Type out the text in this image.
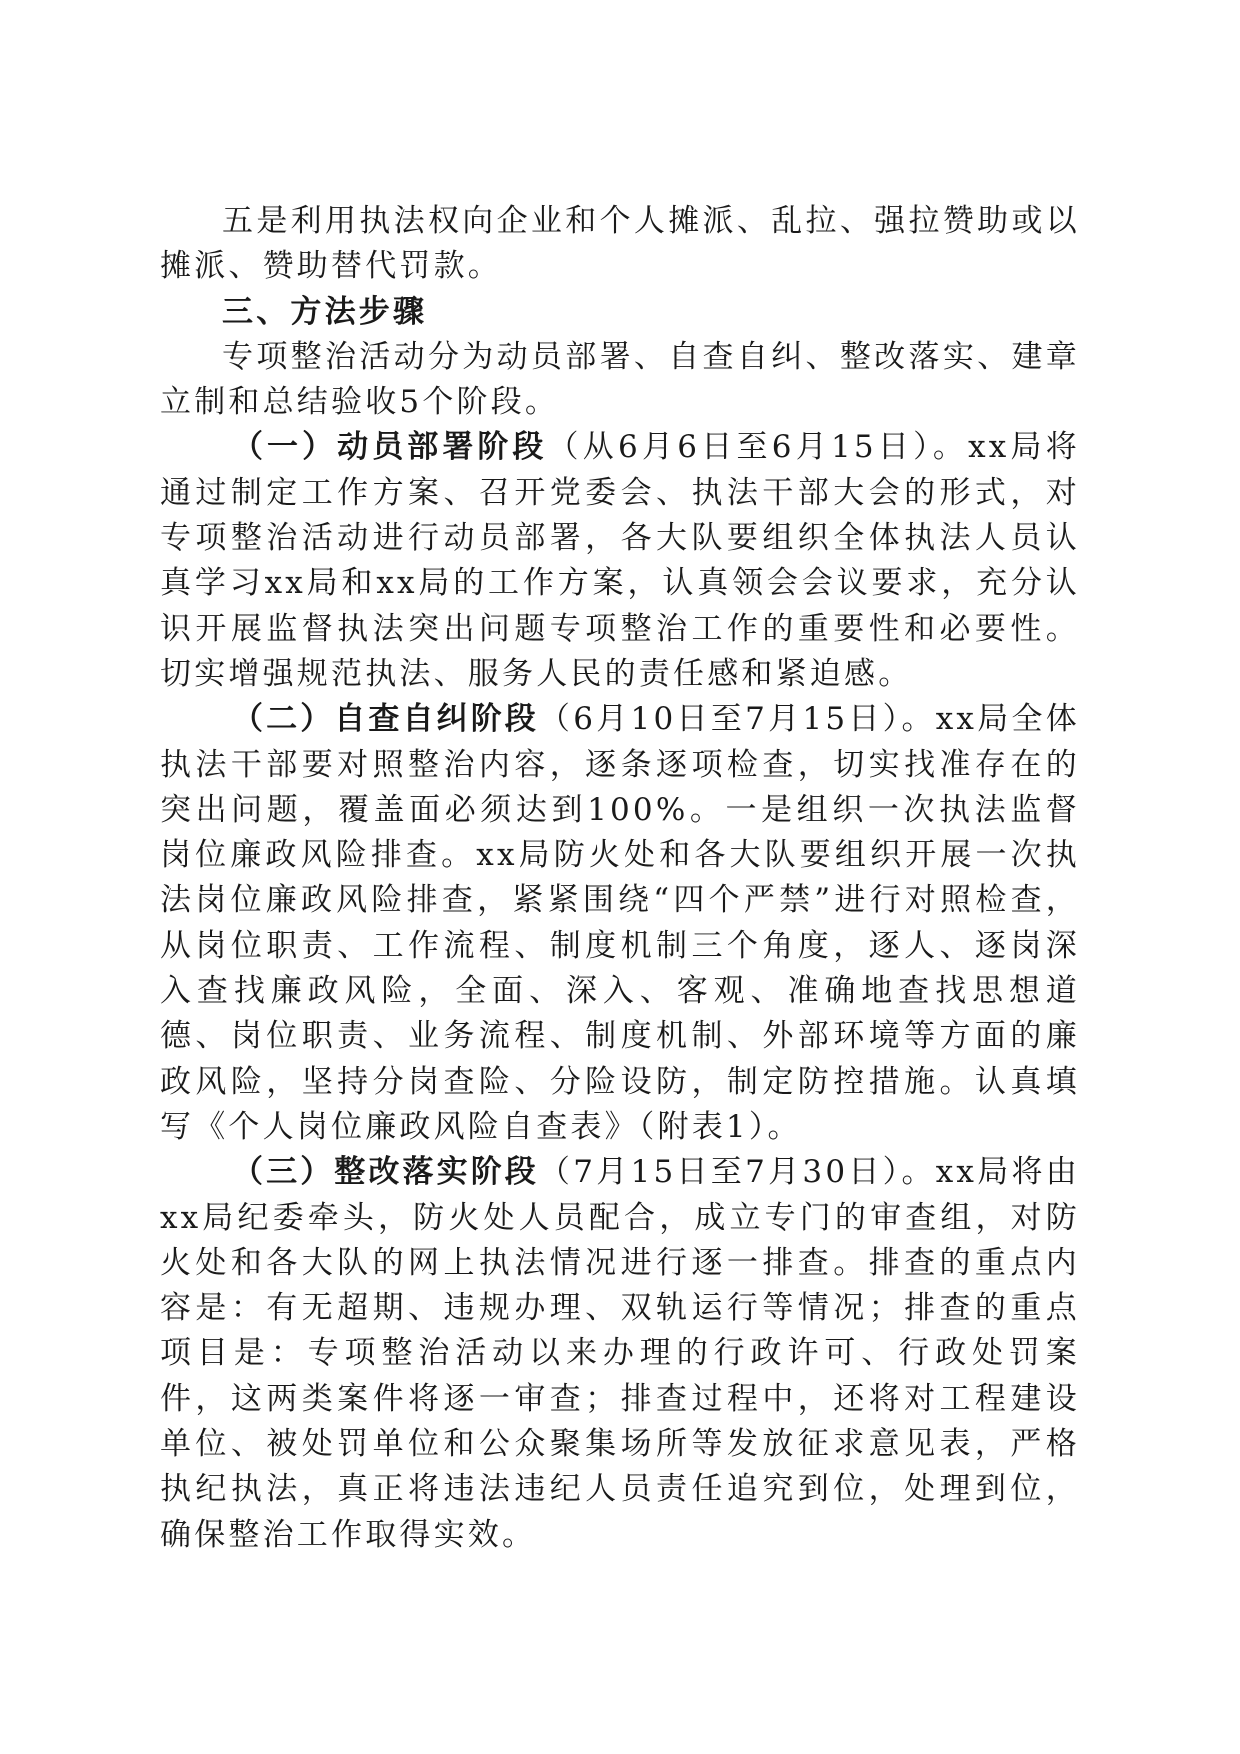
五是利用执法权向企业和个人摊派、乱拉、强拉赞助或以摊派、赞助替代罚款。

三、方法步骤

专项整治活动分为动员部署、自查自纠、整改落实、建章立制和总结验收5个阶段。

（一）动员部署阶段（从6月6日至6月15日）。xx局将通过制定工作方案、召开党委会、执法干部大会的形式，对专项整治活动进行动员部署，各大队要组织全体执法人员认真学习xx局和xx局的工作方案，认真领会会议要求，充分认识开展监督执法突出问题专项整治工作的重要性和必要性。切实增强规范执法、服务人民的责任感和紧迫感。

（二）自查自纠阶段（6月10日至7月15日）。xx局全体执法干部要对照整治内容，逐条逐项检查，切实找准存在的突出问题，覆盖面必须达到100%。一是组织一次执法监督岗位廉政风险排查。xx局防火处和各大队要组织开展一次执法岗位廉政风险排查，紧紧围绕“四个严禁”进行对照检查，从岗位职责、工作流程、制度机制三个角度，逐人、逐岗深入查找廉政风险，全面、深入、客观、准确地查找思想道德、岗位职责、业务流程、制度机制、外部环境等方面的廉政风险，坚持分岗查险、分险设防，制定防控措施。认真填写《个人岗位廉政风险自查表》（附表1）。

（三）整改落实阶段（7月15日至7月30日）。xx局将由xx局纪委牵头，防火处人员配合，成立专门的审查组，对防火处和各大队的网上执法情况进行逐一排查。排查的重点内容是：有无超期、违规办理、双轨运行等情况；排查的重点项目是：专项整治活动以来办理的行政许可、行政处罚案件，这两类案件将逐一审查；排查过程中，还将对工程建设单位、被处罚单位和公众聚集场所等发放征求意见表，严格执纪执法，真正将违法违纪人员责任追究到位，处理到位，确保整治工作取得实效。
